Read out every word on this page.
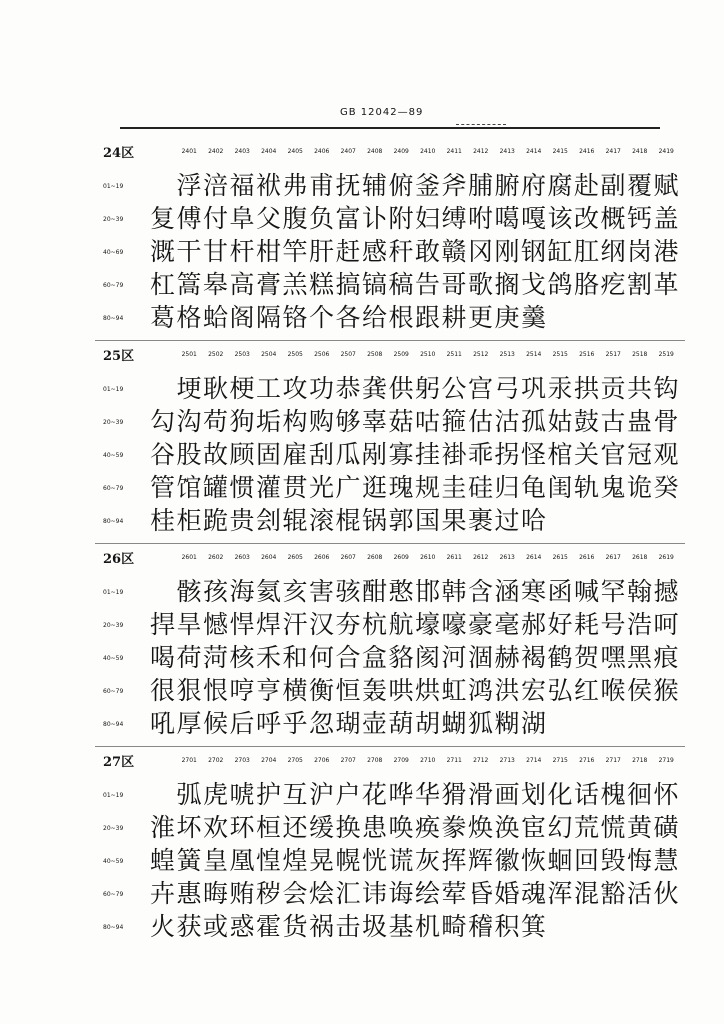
GB 12042—89
24区	2401	2402	2403	2404	2405	2406	2407	2408	2409	2410	2411	2412	2413	2414	2415	2416	2417	2418	2419
01~19 浮涪福袱弗甫抚辅俯釜斧脯腑府腐赴副覆赋
20~39 复傅付阜父腹负富讣附妇缚咐噶嘎该改概钙盖
40~69 溉干甘杆柑竿肝赶感秆敢赣冈刚钢缸肛纲岗港
60~79 杠篙皋高膏羔糕搞镐稿告哥歌搁戈鸽胳疙割革
80~94 葛格蛤阁隔铬个各给根跟耕更庚羹
25区	2501	2502	2503	2504	2505	2506	2507	2508	2509	2510	2511	2512	2513	2514	2515	2516	2517	2518	2519
01~19 埂耿梗工攻功恭龚供躬公宫弓巩汞拱贡共钩
20~39 勾沟苟狗垢构购够辜菇咕箍估沽孤姑鼓古蛊骨
40~59 谷股故顾固雇刮瓜剐寡挂褂乖拐怪棺关官冠观
60~79 管馆罐惯灌贯光广逛瑰规圭硅归龟闺轨鬼诡癸
80~94 桂柜跪贵刽辊滚棍锅郭国果裹过哈
26区	2601	2602	2603	2604	2605	2606	2607	2608	2609	2610	2611	2612	2613	2614	2615	2616	2617	2618	2619
01~19 骸孩海氦亥害骇酣憨邯韩含涵寒函喊罕翰撼
20~39 捍旱憾悍焊汗汉夯杭航壕嚎豪毫郝好耗号浩呵
40~59 喝荷菏核禾和何合盒貉阂河涸赫褐鹤贺嘿黑痕
60~79 很狠恨哼亨横衡恒轰哄烘虹鸿洪宏弘红喉侯猴
80~94 吼厚候后呼乎忽瑚壶葫胡蝴狐糊湖
27区	2701	2702	2703	2704	2705	2706	2707	2708	2709	2710	2711	2712	2713	2714	2715	2716	2717	2718	2719
01~19 弧虎唬护互沪户花哗华猾滑画划化话槐徊怀
20~39 淮坏欢环桓还缓换患唤痪豢焕涣宦幻荒慌黄磺
40~59 蝗簧皇凰惶煌晃幌恍谎灰挥辉徽恢蛔回毁悔慧
60~79 卉惠晦贿秽会烩汇讳诲绘荤昏婚魂浑混豁活伙
80~94 火获或惑霍货祸击圾基机畸稽积箕
